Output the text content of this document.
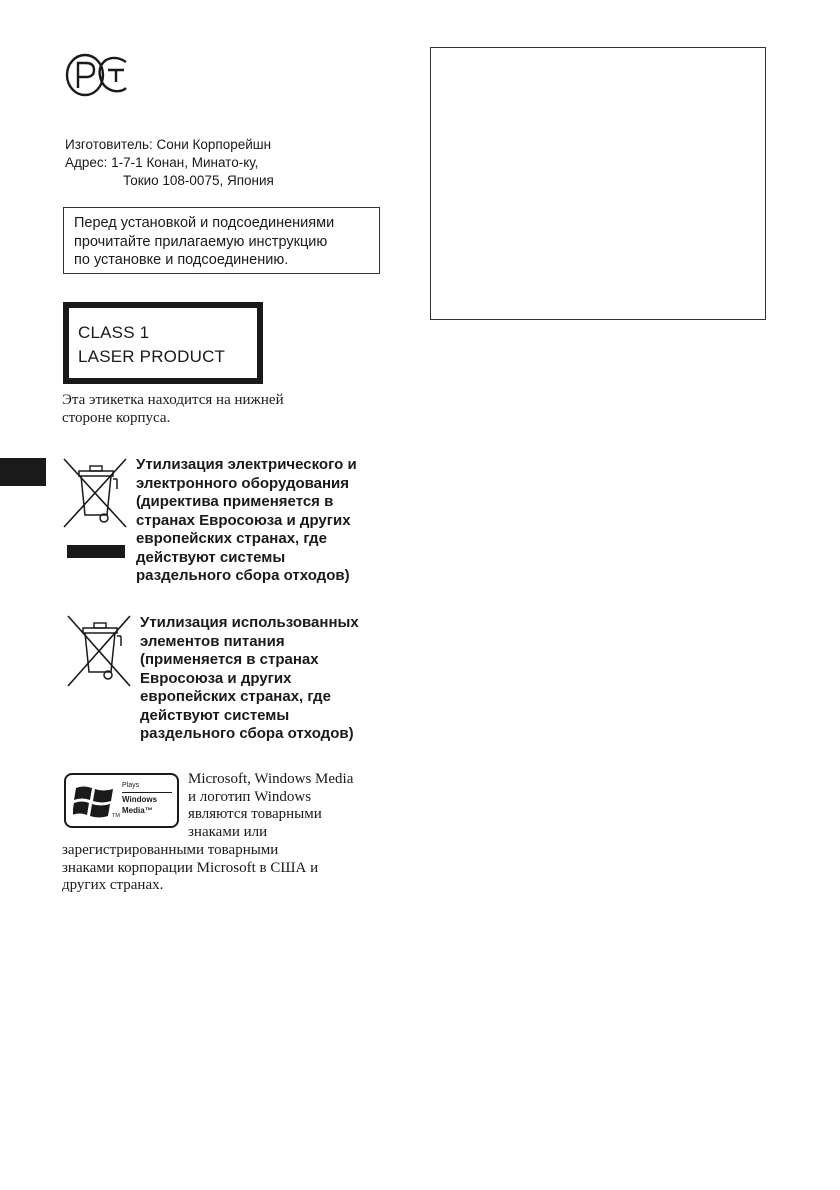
Изготовитель:
Сони Корпорейшн
Адрес:
1-7-1 Конан, Минато-ку,
Токио 108-0075, Япония
Перед установкой и подсоединениями
прочитайте прилагаемую инструкцию
по установке и подсоединению.
CLASS 1
LASER PRODUCT
Эта этикетка находится на нижней
стороне корпуса.
Утилизация электрического и
электронного оборудования
(директива применяется в
странах Евросоюза и других
европейских странах, где
действуют системы
раздельного сбора отходов)
Утилизация использованных
элементов питания
(применяется в странах
Евросоюза и других
европейских странах, где
действуют системы
раздельного сбора отходов)
Plays
Windows
Media™
TM
Microsoft, Windows Media
и логотип Windows
являются товарными
знаками или
зарегистрированными товарными
знаками корпорации Microsoft в США и
других странах.
